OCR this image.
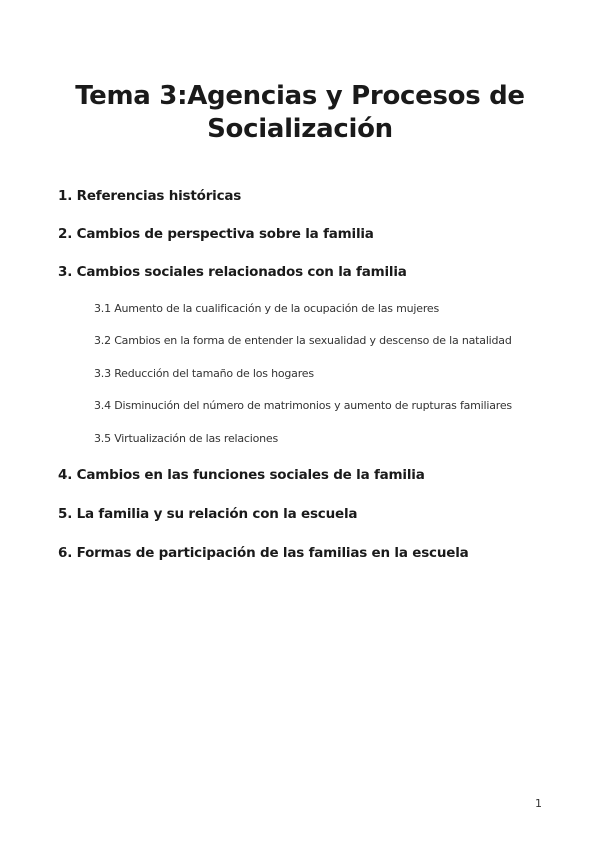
Tema 3:Agencias y Procesos de
Socialización
1. Referencias históricas
2. Cambios de perspectiva sobre la familia
3. Cambios sociales relacionados con la familia
3.1 Aumento de la cualificación y de la ocupación de las mujeres
3.2 Cambios en la forma de entender la sexualidad y descenso de la natalidad
3.3 Reducción del tamaño de los hogares
3.4 Disminución del número de matrimonios y aumento de rupturas familiares
3.5 Virtualización de las relaciones
4. Cambios en las funciones sociales de la familia
5. La familia y su relación con la escuela
6. Formas de participación de las familias en la escuela
1
